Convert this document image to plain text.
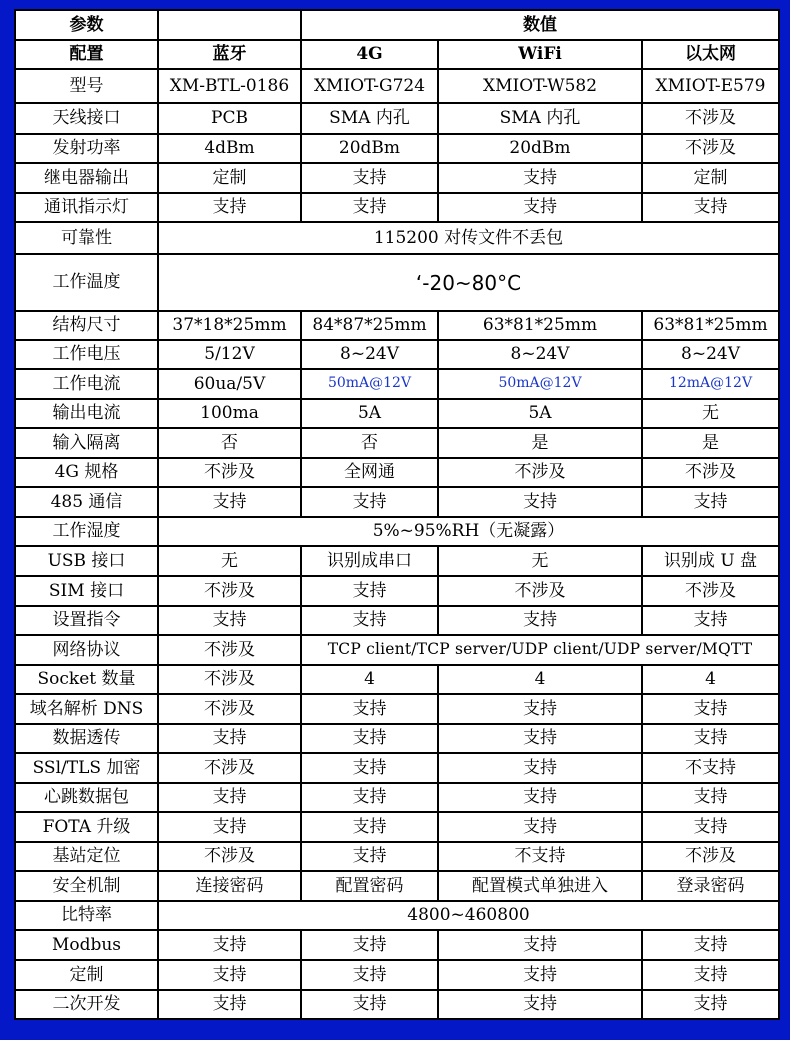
参数		数值		
配置	蓝牙	4G	WiFi	以太网
型号	XM-BTL-0186	XMIOT-G724	XMIOT-W582	XMIOT-E579
天线接口	PCB	SMA 内孔	SMA 内孔	不涉及
发射功率	4dBm	20dBm	20dBm	不涉及
继电器输出	定制	支持	支持	定制
通讯指示灯	支持	支持	支持	支持
可靠性	115200 对传文件不丢包			
工作温度	‘-20~80°C			
结构尺寸	37*18*25mm	84*87*25mm	63*81*25mm	63*81*25mm
工作电压	5/12V	8~24V	8~24V	8~24V
工作电流	60ua/5V	50mA@12V	50mA@12V	12mA@12V
输出电流	100ma	5A	5A	无
输入隔离	否	否	是	是
4G 规格	不涉及	全网通	不涉及	不涉及
485 通信	支持	支持	支持	支持
工作湿度	5%~95%RH（无凝露）			
USB 接口	无	识别成串口	无	识别成 U 盘
SIM 接口	不涉及	支持	不涉及	不涉及
设置指令	支持	支持	支持	支持
网络协议	不涉及	TCP client/TCP server/UDP client/UDP server/MQTT		
Socket 数量	不涉及	4	4	4
域名解析 DNS	不涉及	支持	支持	支持
数据透传	支持	支持	支持	支持
SSl/TLS 加密	不涉及	支持	支持	不支持
心跳数据包	支持	支持	支持	支持
FOTA 升级	支持	支持	支持	支持
基站定位	不涉及	支持	不支持	不涉及
安全机制	连接密码	配置密码	配置模式单独进入	登录密码
比特率	4800~460800			
Modbus	支持	支持	支持	支持
定制	支持	支持	支持	支持
二次开发	支持	支持	支持	支持
